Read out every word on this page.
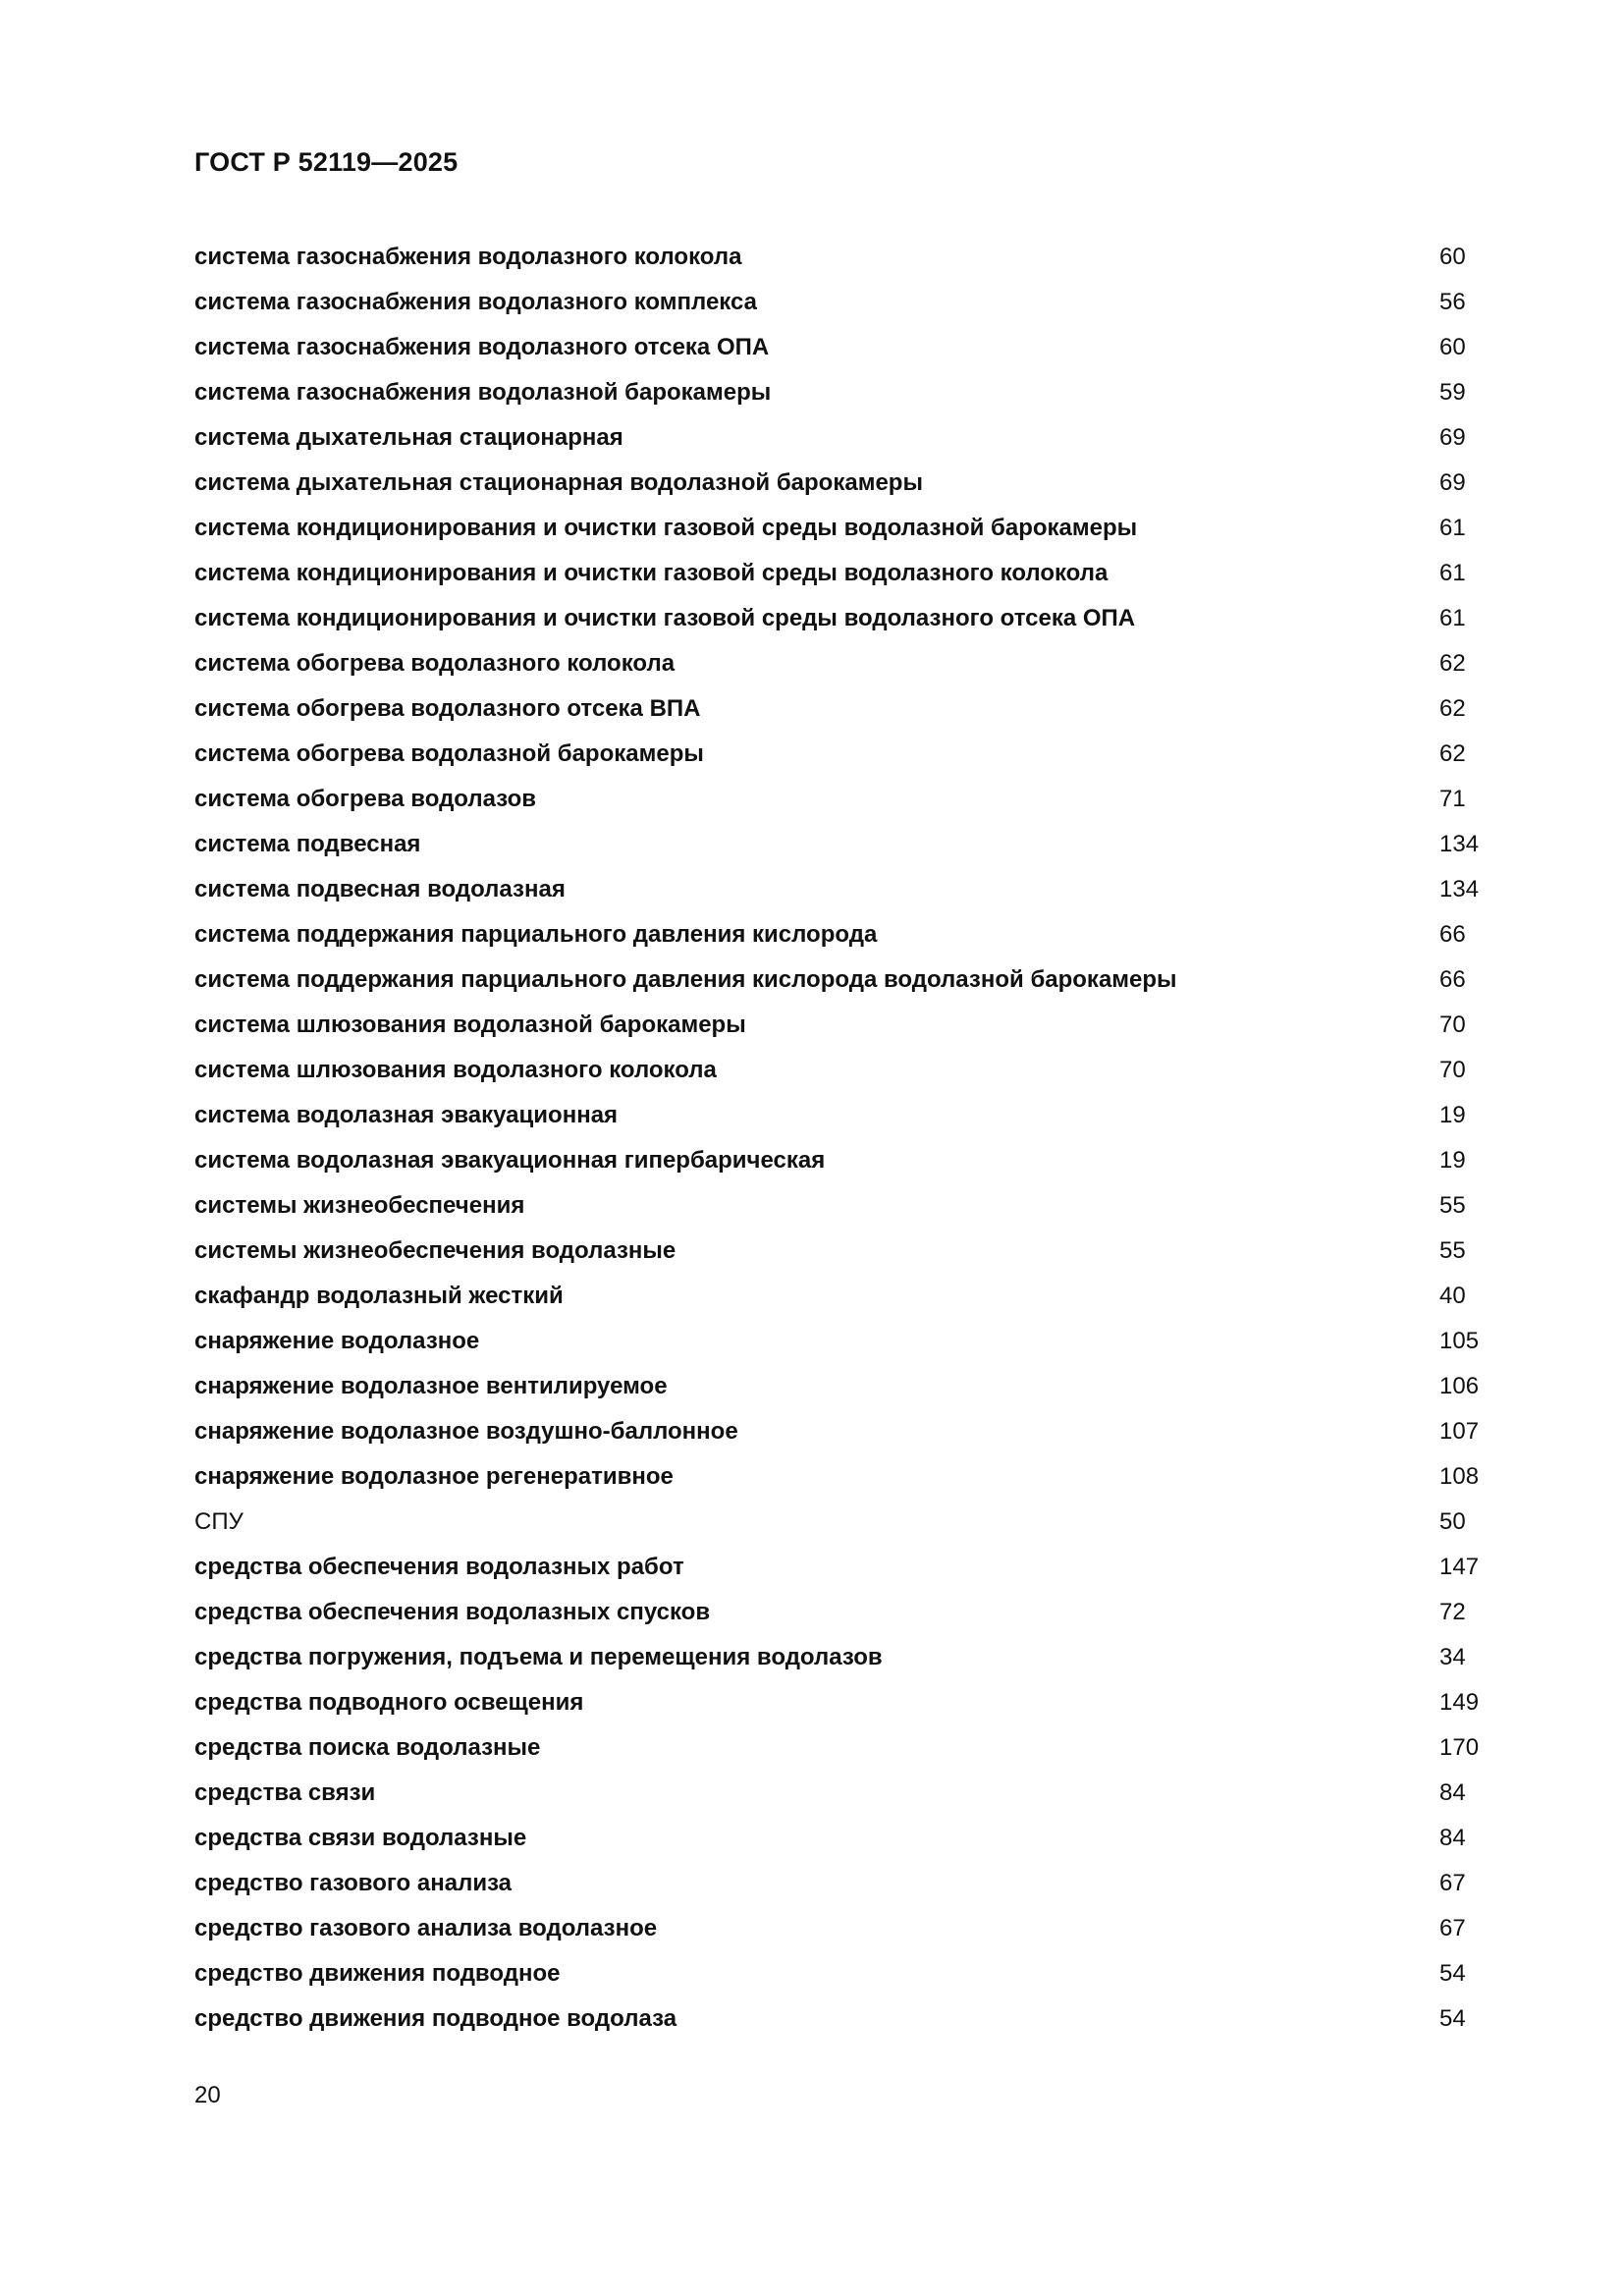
ГОСТ Р 52119—2025
система газоснабжения водолазного колокола	60
система газоснабжения водолазного комплекса	56
система газоснабжения водолазного отсека ОПА	60
система газоснабжения водолазной барокамеры	59
система дыхательная стационарная	69
система дыхательная стационарная водолазной барокамеры	69
система кондиционирования и очистки газовой среды водолазной барокамеры	61
система кондиционирования и очистки газовой среды водолазного колокола	61
система кондиционирования и очистки газовой среды водолазного отсека ОПА	61
система обогрева водолазного колокола	62
система обогрева водолазного отсека ВПА	62
система обогрева водолазной барокамеры	62
система обогрева водолазов	71
система подвесная	134
система подвесная водолазная	134
система поддержания парциального давления кислорода	66
система поддержания парциального давления кислорода водолазной барокамеры	66
система шлюзования водолазной барокамеры	70
система шлюзования водолазного колокола	70
система водолазная эвакуационная	19
система водолазная эвакуационная гипербарическая	19
системы жизнеобеспечения	55
системы жизнеобеспечения водолазные	55
скафандр водолазный жесткий	40
снаряжение водолазное	105
снаряжение водолазное вентилируемое	106
снаряжение водолазное воздушно-баллонное	107
снаряжение водолазное регенеративное	108
СПУ	50
средства обеспечения водолазных работ	147
средства обеспечения водолазных спусков	72
средства погружения, подъема и перемещения водолазов	34
средства подводного освещения	149
средства поиска водолазные	170
средства связи	84
средства связи водолазные	84
средство газового анализа	67
средство газового анализа водолазное	67
средство движения подводное	54
средство движения подводное водолаза	54
20
